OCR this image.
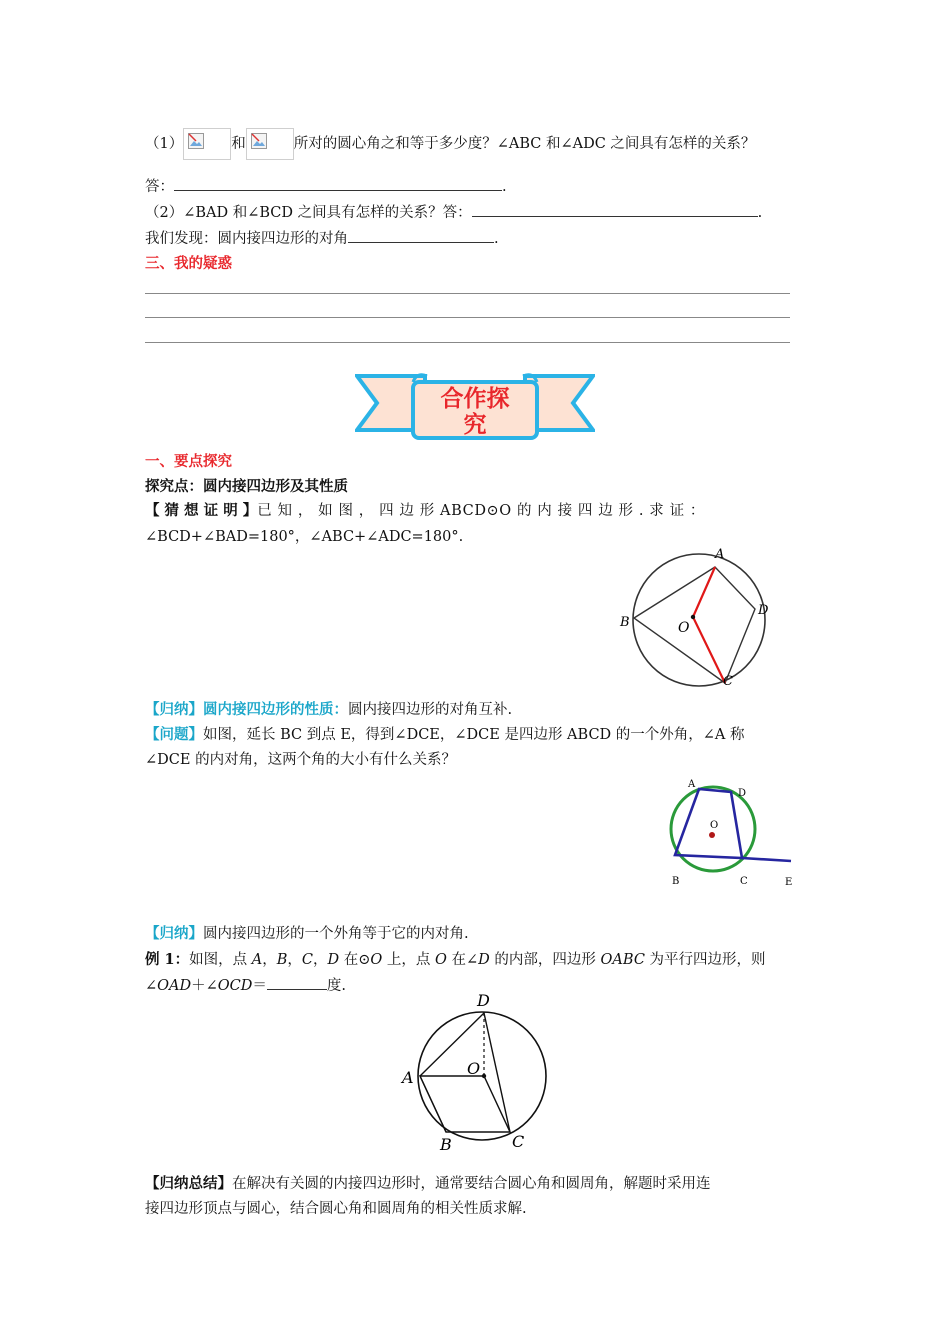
（1）	和	所对的圆心角之和等于多少度？∠ABC 和∠ADC 之间具有怎样的关系？
答：	.
（2）∠BAD 和∠BCD 之间具有怎样的关系？答：	.
我们发现：圆内接四边形的对角	.
三、我的疑惑
合作探
究
一、要点探究
探究点：圆内接四边形及其性质
【 猜 想 证 明 】已 知 ， 如 图 ， 四 边 形 ABCD⊙O 的 内 接 四 边 形 . 求 证 ：
∠BCD+∠BAD=180°，∠ABC+∠ADC=180°.
A
B
C
D
O
【归纳】圆内接四边形的性质：圆内接四边形的对角互补.
【问题】如图，延长 BC 到点 E，得到∠DCE，∠DCE 是四边形 ABCD 的一个外角，∠A 称
∠DCE 的内对角，这两个角的大小有什么关系？
A
D
O
B	C	E
【归纳】圆内接四边形的一个外角等于它的内对角.
例 1：如图，点 A，B，C，D 在⊙O 上，点 O 在∠D 的内部，四边形 OABC 为平行四边形，则
∠OAD＋∠OCD＝	度.
D
A	O
B	C
【归纳总结】在解决有关圆的内接四边形时，通常要结合圆心角和圆周角，解题时采用连
接四边形顶点与圆心，结合圆心角和圆周角的相关性质求解.
